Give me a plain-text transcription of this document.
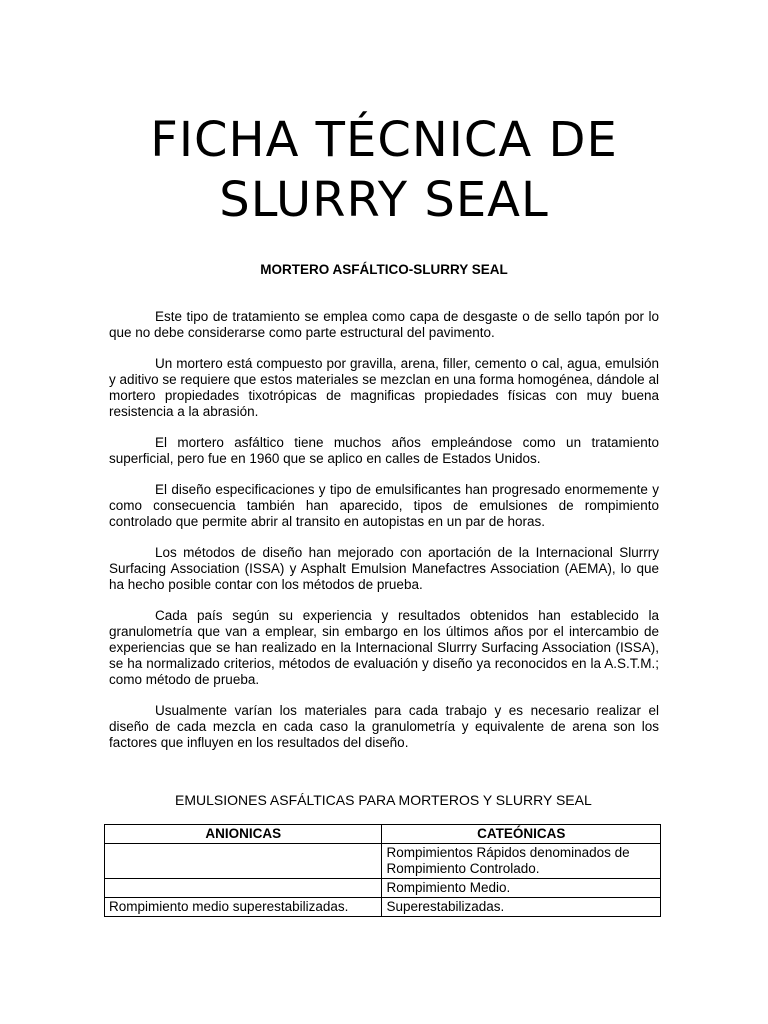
FICHA TÉCNICA DE
SLURRY SEAL
MORTERO ASFÁLTICO-SLURRY SEAL

Este tipo de tratamiento se emplea como capa de desgaste o de sello tapón por lo que no debe considerarse como parte estructural del pavimento.

Un mortero está compuesto por gravilla, arena, filler, cemento o cal, agua, emulsión y aditivo se requiere que estos materiales se mezclan en una forma homogénea, dándole al mortero propiedades tixotrópicas de magnificas propiedades físicas con muy buena resistencia a la abrasión.

El mortero asfáltico tiene muchos años empleándose como un tratamiento superficial, pero fue en 1960 que se aplico en calles de Estados Unidos.

El diseño especificaciones y tipo de emulsificantes han progresado enormemente y como consecuencia también han aparecido, tipos de emulsiones de rompimiento controlado que permite abrir al transito en autopistas en un par de horas.

Los métodos de diseño han mejorado con aportación de la Internacional Slurrry Surfacing Association (ISSA) y Asphalt Emulsion Manefactres Association (AEMA), lo que ha hecho posible contar con los métodos de prueba.

Cada país según su experiencia y resultados obtenidos han establecido la granulometría que van a emplear, sin embargo en los últimos años por el intercambio de experiencias que se han realizado en la Internacional Slurrry Surfacing Association (ISSA), se ha normalizado criterios, métodos de evaluación y diseño ya reconocidos en la A.S.T.M.; como método de prueba.

Usualmente varían los materiales para cada trabajo y es necesario realizar el diseño de cada mezcla en cada caso la granulometría y equivalente de arena son los factores que influyen en los resultados del diseño.

EMULSIONES ASFÁLTICAS PARA MORTEROS Y SLURRY SEAL
ANIONICAS	CATEÓNICAS
	Rompimientos Rápidos denominados de Rompimiento Controlado.
	Rompimiento Medio.
Rompimiento medio superestabilizadas.	Superestabilizadas.
